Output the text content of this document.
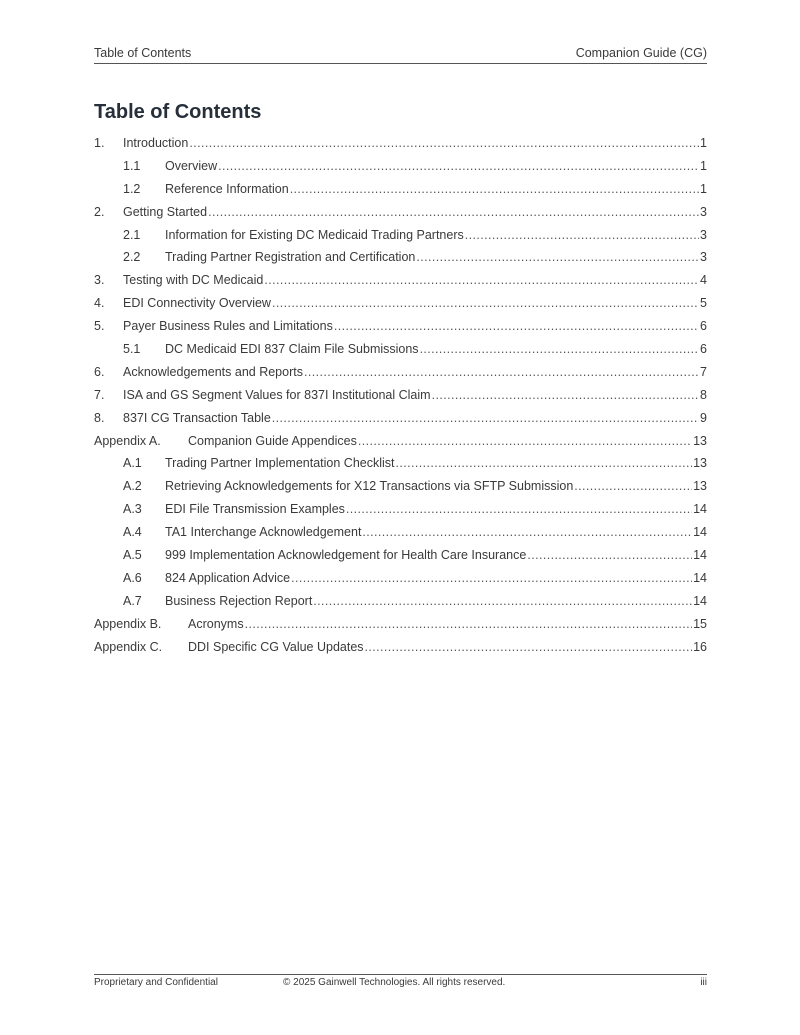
Table of Contents	Companion Guide (CG)
Table of Contents
1. Introduction .....	1
1.1 Overview .....	1
1.2 Reference Information .....	1
2. Getting Started .....	3
2.1 Information for Existing DC Medicaid Trading Partners .....	3
2.2 Trading Partner Registration and Certification .....	3
3. Testing with DC Medicaid .....	4
4. EDI Connectivity Overview .....	5
5. Payer Business Rules and Limitations .....	6
5.1 DC Medicaid EDI 837 Claim File Submissions .....	6
6. Acknowledgements and Reports .....	7
7. ISA and GS Segment Values for 837I Institutional Claim .....	8
8. 837I CG Transaction Table .....	9
Appendix A. Companion Guide Appendices .....	13
A.1 Trading Partner Implementation Checklist .....	13
A.2 Retrieving Acknowledgements for X12 Transactions via SFTP Submission .....	13
A.3 EDI File Transmission Examples .....	14
A.4 TA1 Interchange Acknowledgement .....	14
A.5 999 Implementation Acknowledgement for Health Care Insurance .....	14
A.6 824 Application Advice .....	14
A.7 Business Rejection Report .....	14
Appendix B. Acronyms .....	15
Appendix C. DDI Specific CG Value Updates .....	16
Proprietary and Confidential	© 2025 Gainwell Technologies. All rights reserved.	iii
